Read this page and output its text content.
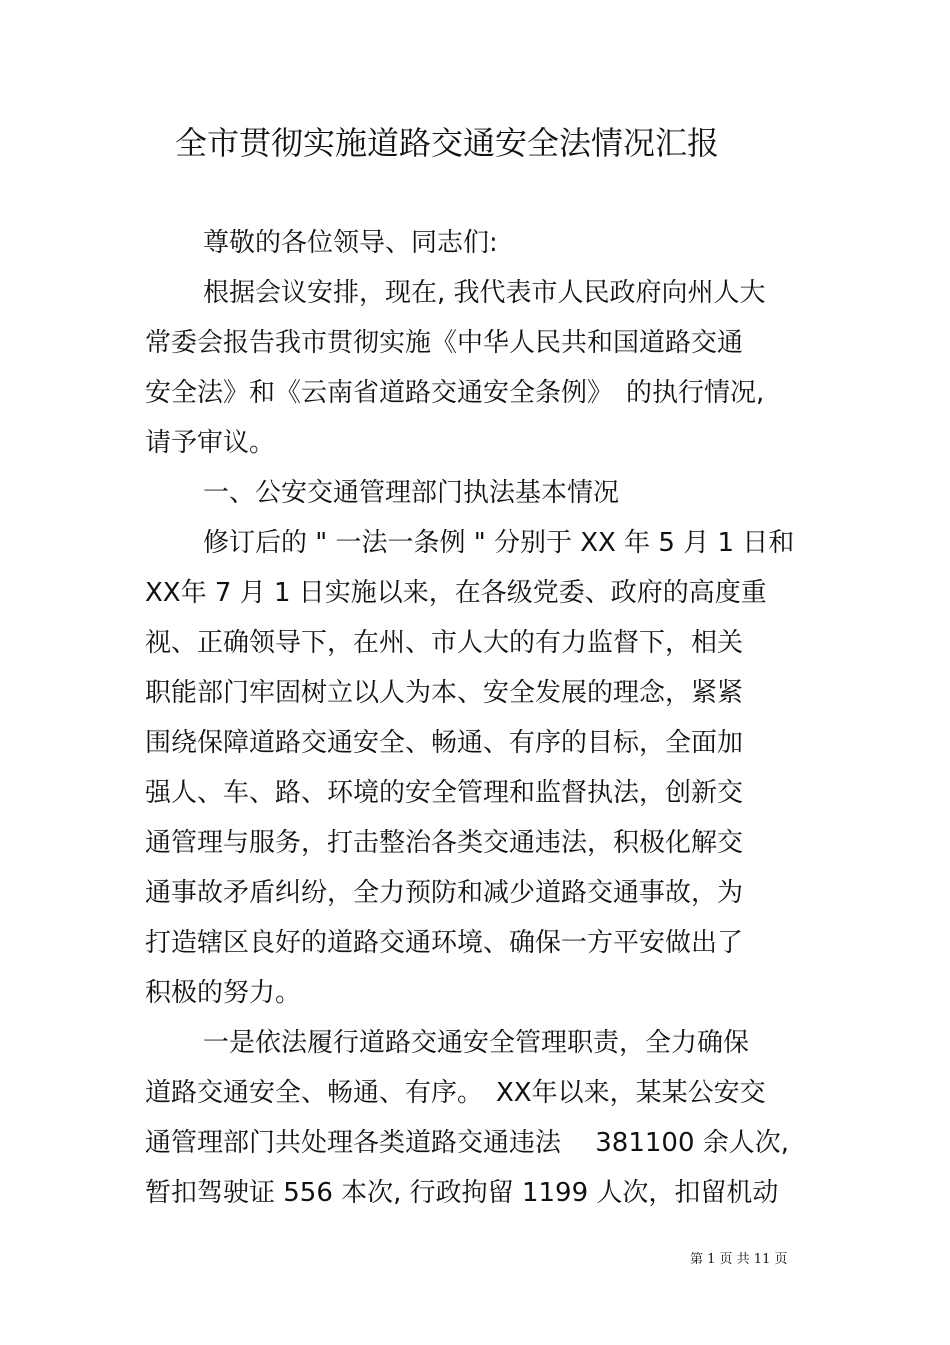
全市贯彻实施道路交通安全法情况汇报
尊敬的各位领导、同志们:
根据会议安排，现在, 我代表市人民政府向州人大
常委会报告我市贯彻实施《中华人民共和国道路交通
安全法》和《云南省道路交通安全条例》　的执行情况,
请予审议。
一、公安交通管理部门执法基本情况
修订后的 " 一法一条例 " 分别于 XX 年 5 月 1 日和
XX年 7 月 1 日实施以来，在各级党委、政府的高度重
视、正确领导下，在州、市人大的有力监督下，相关
职能部门牢固树立以人为本、安全发展的理念，紧紧
围绕保障道路交通安全、畅通、有序的目标，全面加
强人、车、路、环境的安全管理和监督执法，创新交
通管理与服务，打击整治各类交通违法，积极化解交
通事故矛盾纠纷，全力预防和减少道路交通事故，为
打造辖区良好的道路交通环境、确保一方平安做出了
积极的努力。
一是依法履行道路交通安全管理职责，全力确保
道路交通安全、畅通、有序。　XX年以来，某某公安交
通管理部门共处理各类道路交通违法　 381100 余人次,
暂扣驾驶证 556 本次, 行政拘留 1199 人次，扣留机动
第 1 页 共 11 页
